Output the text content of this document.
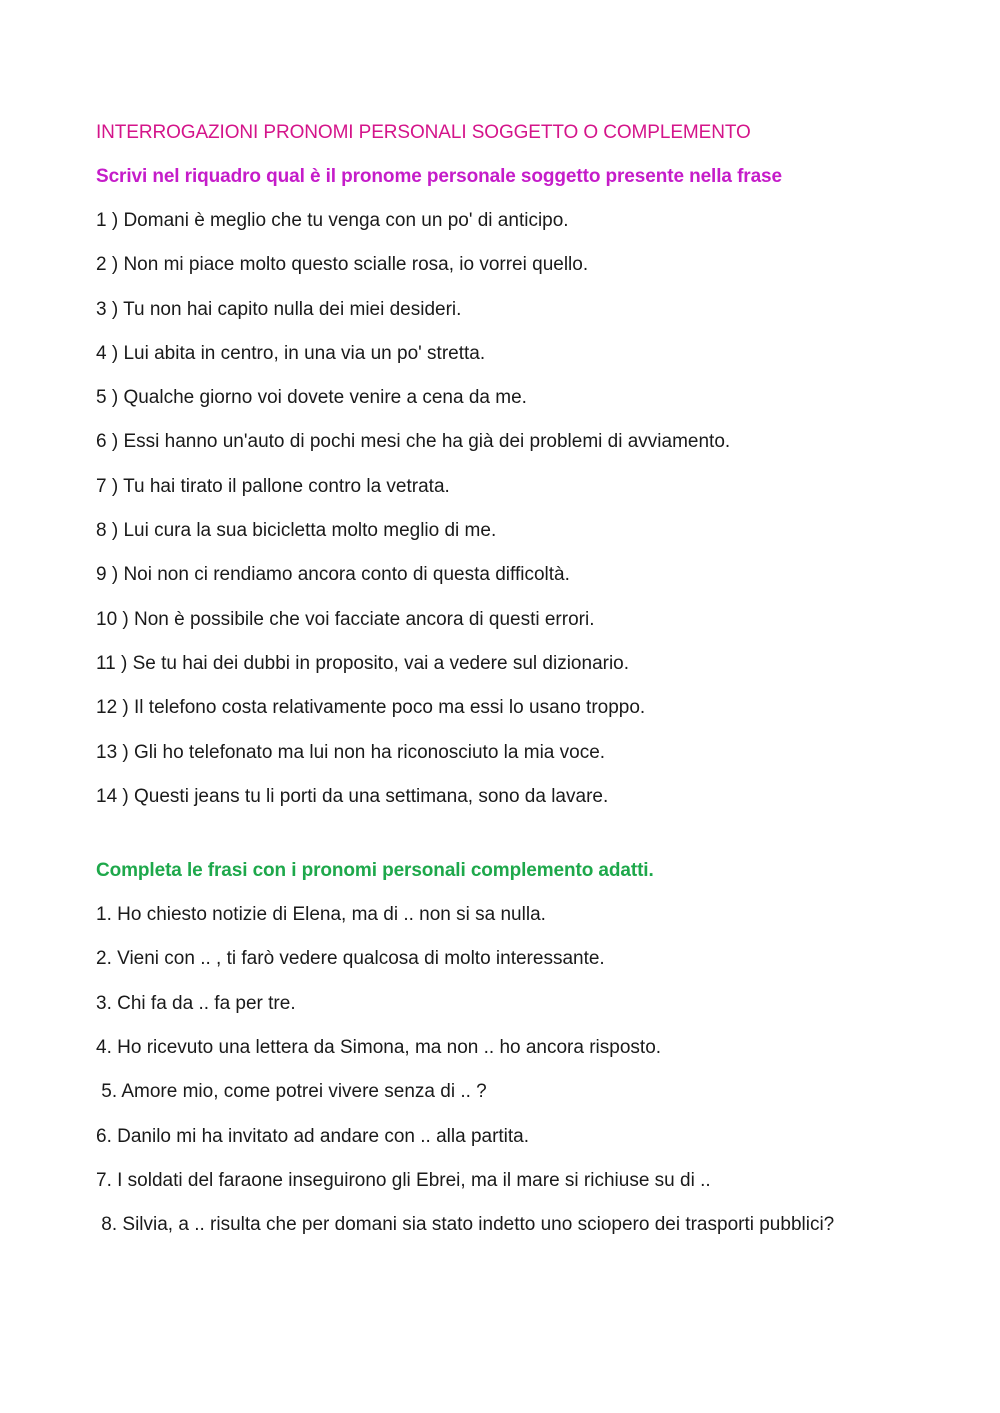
INTERROGAZIONI PRONOMI PERSONALI SOGGETTO O COMPLEMENTO

Scrivi nel riquadro qual è il pronome personale soggetto presente nella frase

1 ) Domani è meglio che tu venga con un po' di anticipo.
2 ) Non mi piace molto questo scialle rosa, io vorrei quello.
3 ) Tu non hai capito nulla dei miei desideri.
4 ) Lui abita in centro, in una via un po' stretta.
5 ) Qualche giorno voi dovete venire a cena da me.
6 ) Essi hanno un'auto di pochi mesi che ha già dei problemi di avviamento.
7 ) Tu hai tirato il pallone contro la vetrata.
8 ) Lui cura la sua bicicletta molto meglio di me.
9 ) Noi non ci rendiamo ancora conto di questa difficoltà.
10 ) Non è possibile che voi facciate ancora di questi errori.
11 ) Se tu hai dei dubbi in proposito, vai a vedere sul dizionario.
12 ) Il telefono costa relativamente poco ma essi lo usano troppo.
13 ) Gli ho telefonato ma lui non ha riconosciuto la mia voce.
14 ) Questi jeans tu li porti da una settimana, sono da lavare.

Completa le frasi con i pronomi personali complemento adatti.

1. Ho chiesto notizie di Elena, ma di .. non si sa nulla.
2. Vieni con .. , ti farò vedere qualcosa di molto interessante.
3. Chi fa da .. fa per tre.
4. Ho ricevuto una lettera da Simona, ma non .. ho ancora risposto.
5. Amore mio, come potrei vivere senza di .. ?
6. Danilo mi ha invitato ad andare con .. alla partita.
7. I soldati del faraone inseguirono gli Ebrei, ma il mare si richiuse su di ..
8. Silvia, a .. risulta che per domani sia stato indetto uno sciopero dei trasporti pubblici?
